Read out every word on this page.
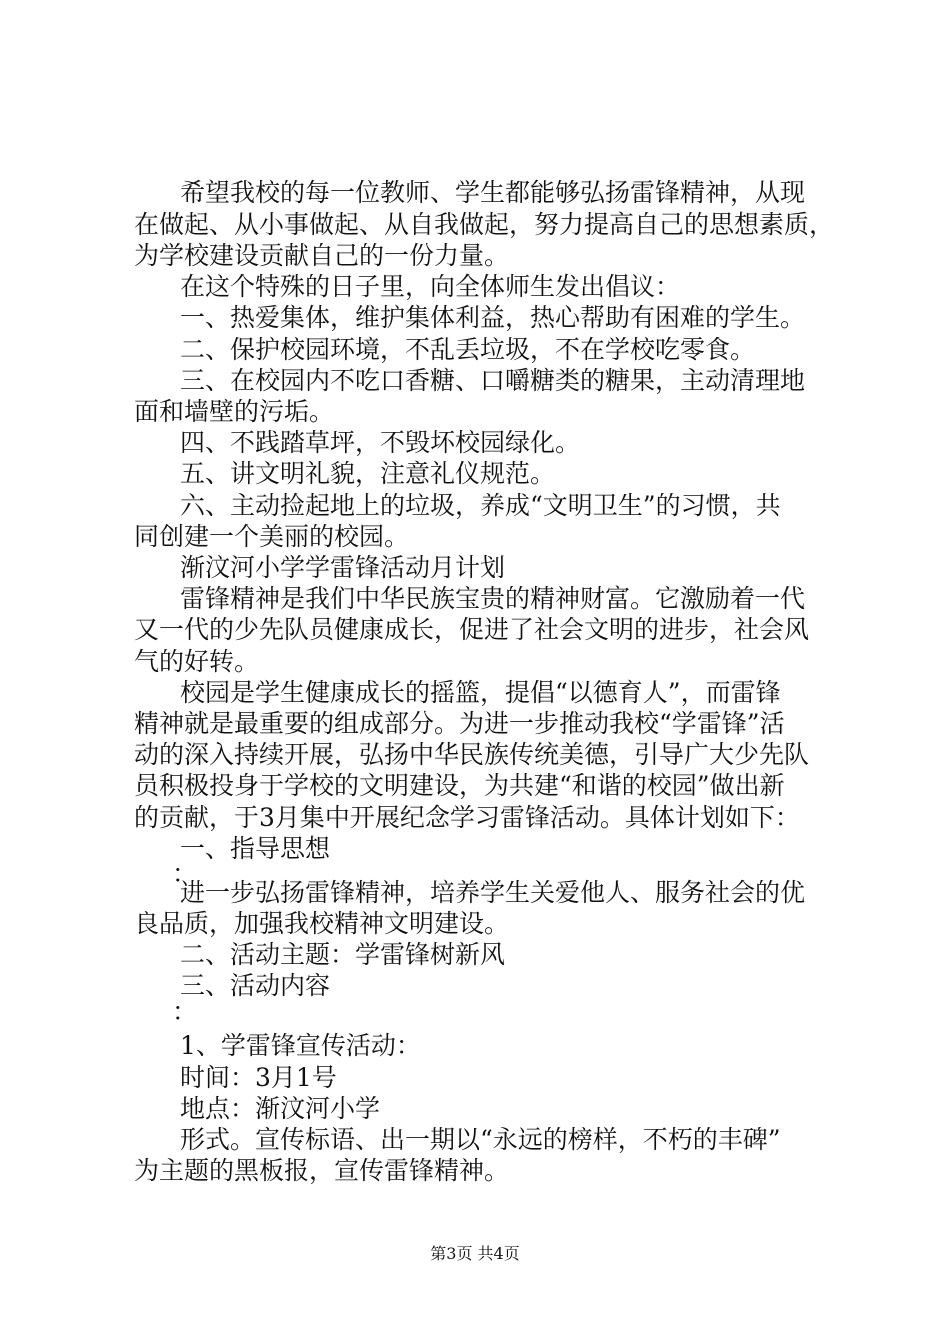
希望我校的每一位教师、学生都能够弘扬雷锋精神，从现

在做起、从小事做起、从自我做起，努力提高自己的思想素质，

为学校建设贡献自己的一份力量。

在这个特殊的日子里，向全体师生发出倡议：

一、热爱集体，维护集体利益，热心帮助有困难的学生。

二、保护校园环境，不乱丢垃圾，不在学校吃零食。

三、在校园内不吃口香糖、口嚼糖类的糖果，主动清理地

面和墙壁的污垢。

四、不践踏草坪，不毁坏校园绿化。

五、讲文明礼貌，注意礼仪规范。

六、主动捡起地上的垃圾，养成“文明卫生”的习惯，共

同创建一个美丽的校园。

渐汶河小学学雷锋活动月计划

雷锋精神是我们中华民族宝贵的精神财富。它激励着一代

又一代的少先队员健康成长，促进了社会文明的进步，社会风

气的好转。

校园是学生健康成长的摇篮，提倡“以德育人”，而雷锋

精神就是最重要的组成部分。为进一步推动我校“学雷锋”活

动的深入持续开展，弘扬中华民族传统美德，引导广大少先队

员积极投身于学校的文明建设，为共建“和谐的校园”做出新

的贡献，于3月集中开展纪念学习雷锋活动。具体计划如下：

一、指导思想

：

进一步弘扬雷锋精神，培养学生关爱他人、服务社会的优

良品质，加强我校精神文明建设。

二、活动主题：学雷锋树新风

三、活动内容

：

1、学雷锋宣传活动：

时间：3月1号

地点：渐汶河小学

形式。宣传标语、出一期以“永远的榜样，不朽的丰碑”

为主题的黑板报，宣传雷锋精神。

第3页 共4页
